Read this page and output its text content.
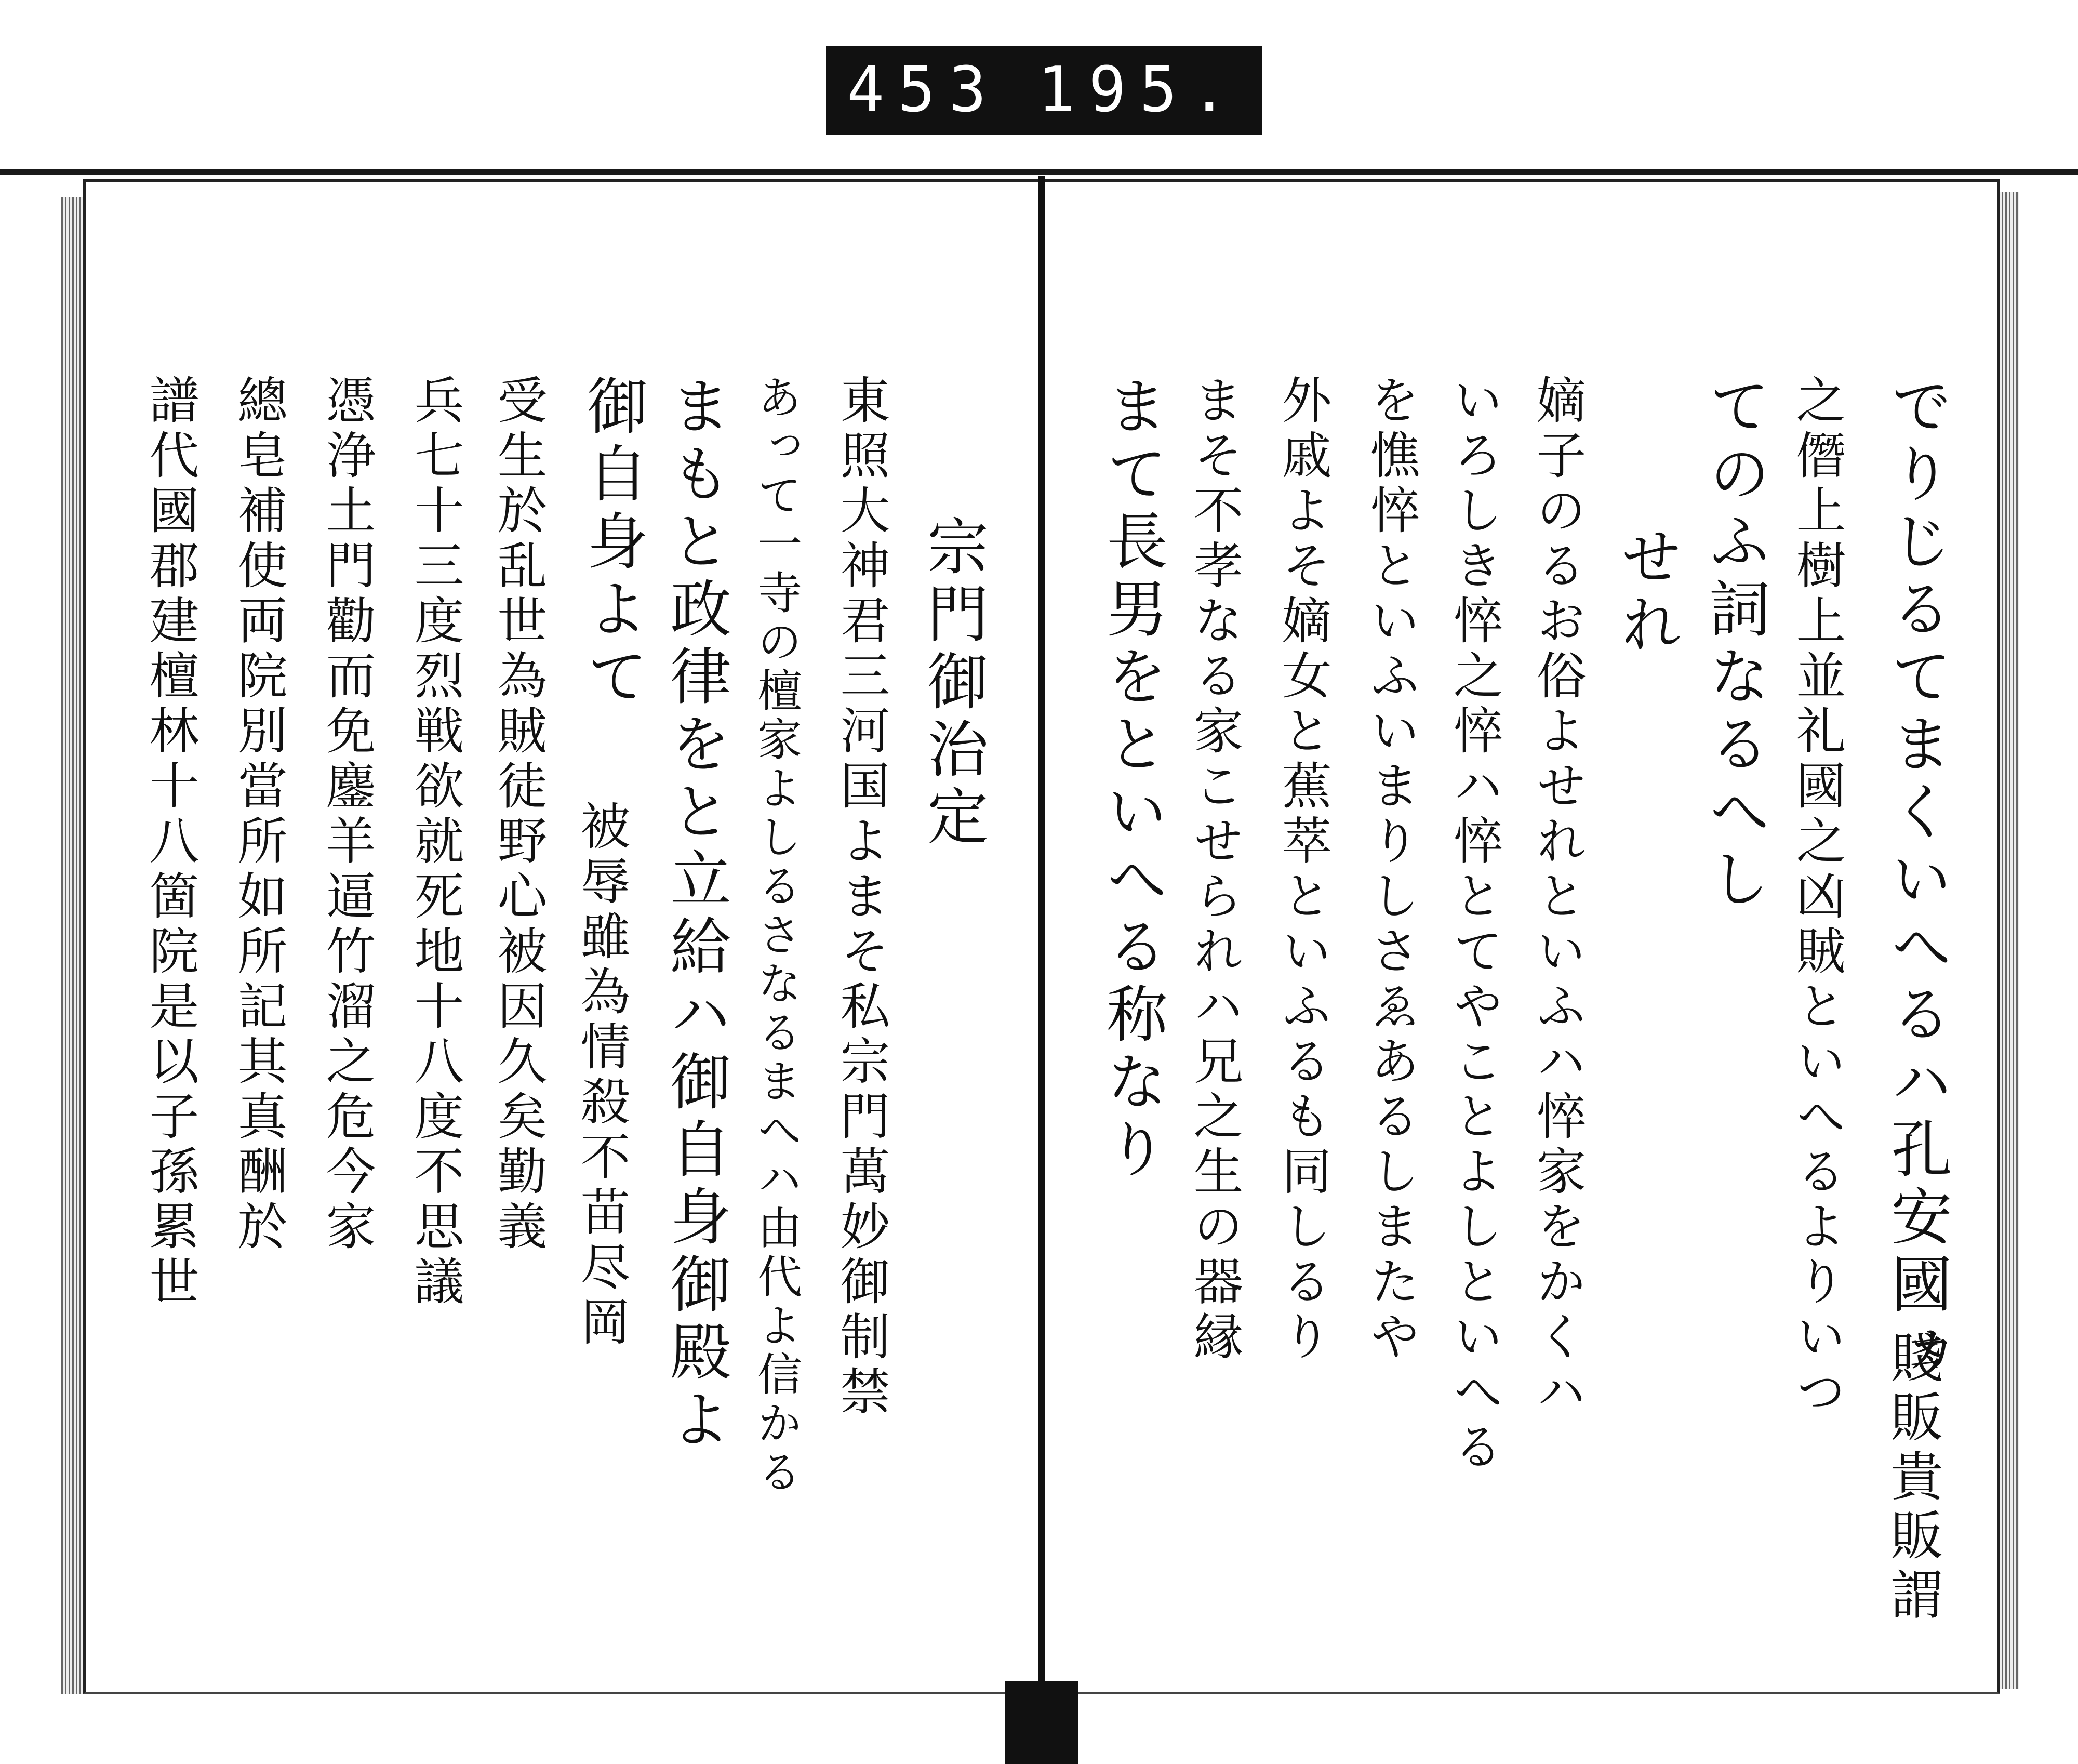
453 195.
でりじるてまくいへるハ孔安國ヵ
賤販貴販謂
之僭上樹上並礼國之凶賊といへるよりいつ
てのふ詞なるへし
せれ
嫡子のるお俗よせれといふハ悴家をかくハ
いろしき悴之悴ハ悴とてやことよしといへる
を憔悴といふいまりしさゑあるしまたや
外戚よそ嫡女と蕉萃といふるも同しるり
まそ不孝なる家こせられハ兄之生の器縁
まて長男をといへる称なり
宗門御治定
東照大神君三河国よまそ私宗門萬妙御制禁
あって一寺の檀家よしるさなるまへハ由代よ信かる
まもと政律をと立給ハ御自身御殿よ
御自身よて
被辱雖為情殺不苗尽岡
受生於乱世為賊徒野心被因久矣勤義
兵七十三度烈戦欲就死地十八度不思議
憑浄土門勸而免鏖羊逼竹溜之危今家
總皂補使両院別當所如所記其真酬於
譜代國郡建檀林十八箇院是以子孫累世
